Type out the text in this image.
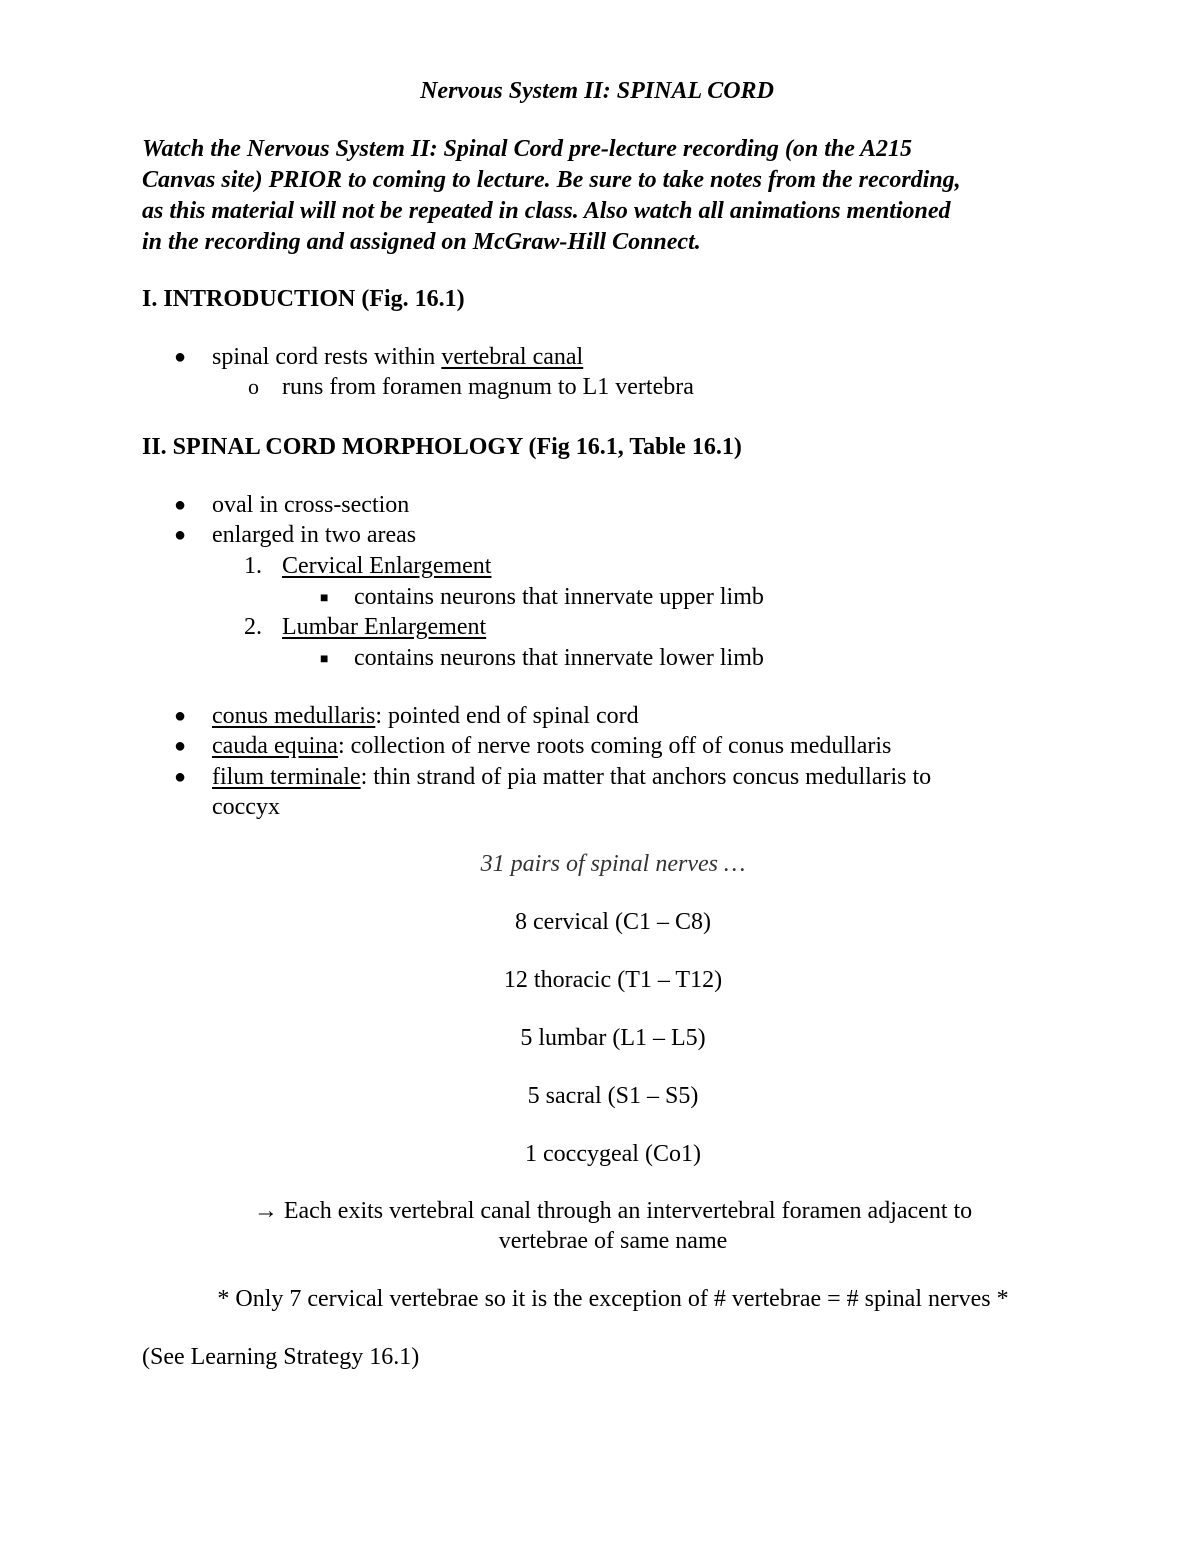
Nervous System II: SPINAL CORD
Watch the Nervous System II: Spinal Cord pre-lecture recording (on the A215
Canvas site) PRIOR to coming to lecture. Be sure to take notes from the recording,
as this material will not be repeated in class. Also watch all animations mentioned
in the recording and assigned on McGraw-Hill Connect.
I. INTRODUCTION (Fig. 16.1)
● spinal cord rests within vertebral canal
o runs from foramen magnum to L1 vertebra
II. SPINAL CORD MORPHOLOGY (Fig 16.1, Table 16.1)
● oval in cross-section
● enlarged in two areas
1. Cervical Enlargement
■ contains neurons that innervate upper limb
2. Lumbar Enlargement
■ contains neurons that innervate lower limb
● conus medullaris: pointed end of spinal cord
● cauda equina: collection of nerve roots coming off of conus medullaris
● filum terminale: thin strand of pia matter that anchors concus medullaris to
coccyx
31 pairs of spinal nerves …
8 cervical (C1 – C8)
12 thoracic (T1 – T12)
5 lumbar (L1 – L5)
5 sacral (S1 – S5)
1 coccygeal (Co1)
→ Each exits vertebral canal through an intervertebral foramen adjacent to
vertebrae of same name
* Only 7 cervical vertebrae so it is the exception of # vertebrae = # spinal nerves *
(See Learning Strategy 16.1)
